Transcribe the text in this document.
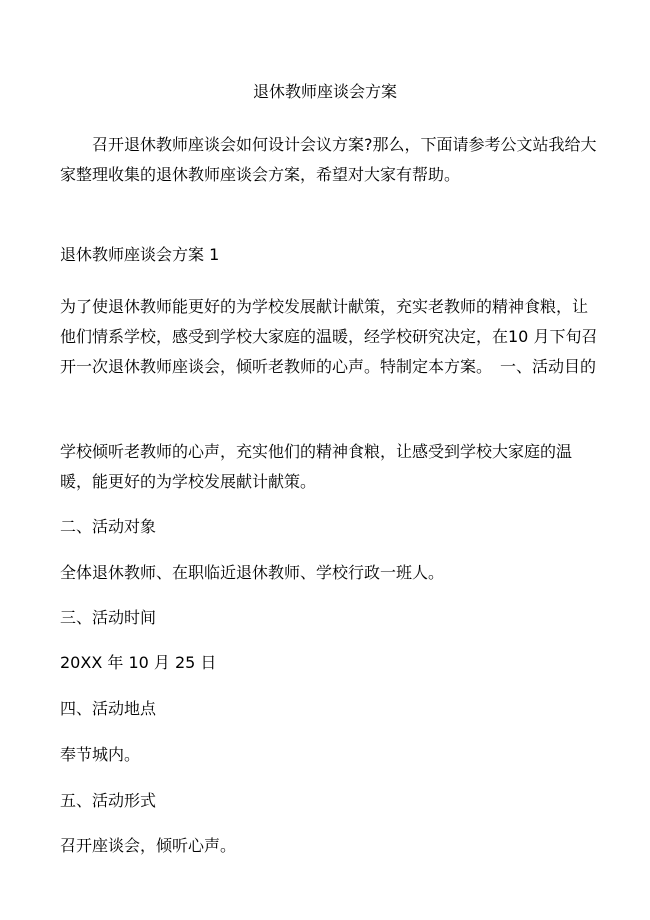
退休教师座谈会方案
召开退休教师座谈会如何设计会议方案?那么，下面请参考公文站我给大家整理收集的退休教师座谈会方案，希望对大家有帮助。
退休教师座谈会方案 1
为了使退休教师能更好的为学校发展献计献策，充实老教师的精神食粮，让他们情系学校，感受到学校大家庭的温暖，经学校研究决定，在10 月下旬召开一次退休教师座谈会，倾听老教师的心声。特制定本方案。　一、活动目的
学校倾听老教师的心声，充实他们的精神食粮，让感受到学校大家庭的温暖，能更好的为学校发展献计献策。
二、活动对象
全体退休教师、在职临近退休教师、学校行政一班人。
三、活动时间
20XX 年 10 月 25 日
四、活动地点
奉节城内。
五、活动形式
召开座谈会，倾听心声。
